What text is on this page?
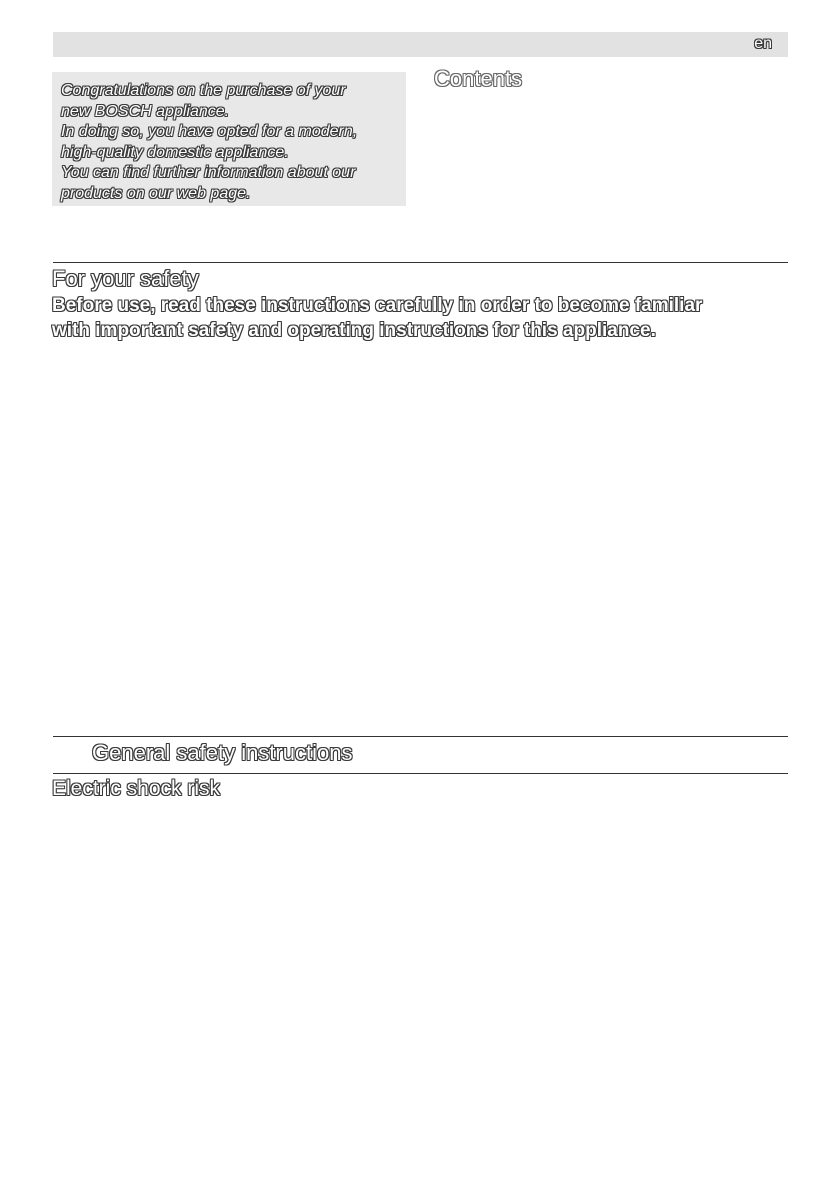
en
Congratulations on the purchase of your
new BOSCH appliance.
In doing so, you have opted for a modern,
high-quality domestic appliance.
You can find further information about our
products on our web page.
Contents
For your safety
Before use, read these instructions carefully in order to become familiar
with important safety and operating instructions for this appliance.
General safety instructions
Electric shock risk
